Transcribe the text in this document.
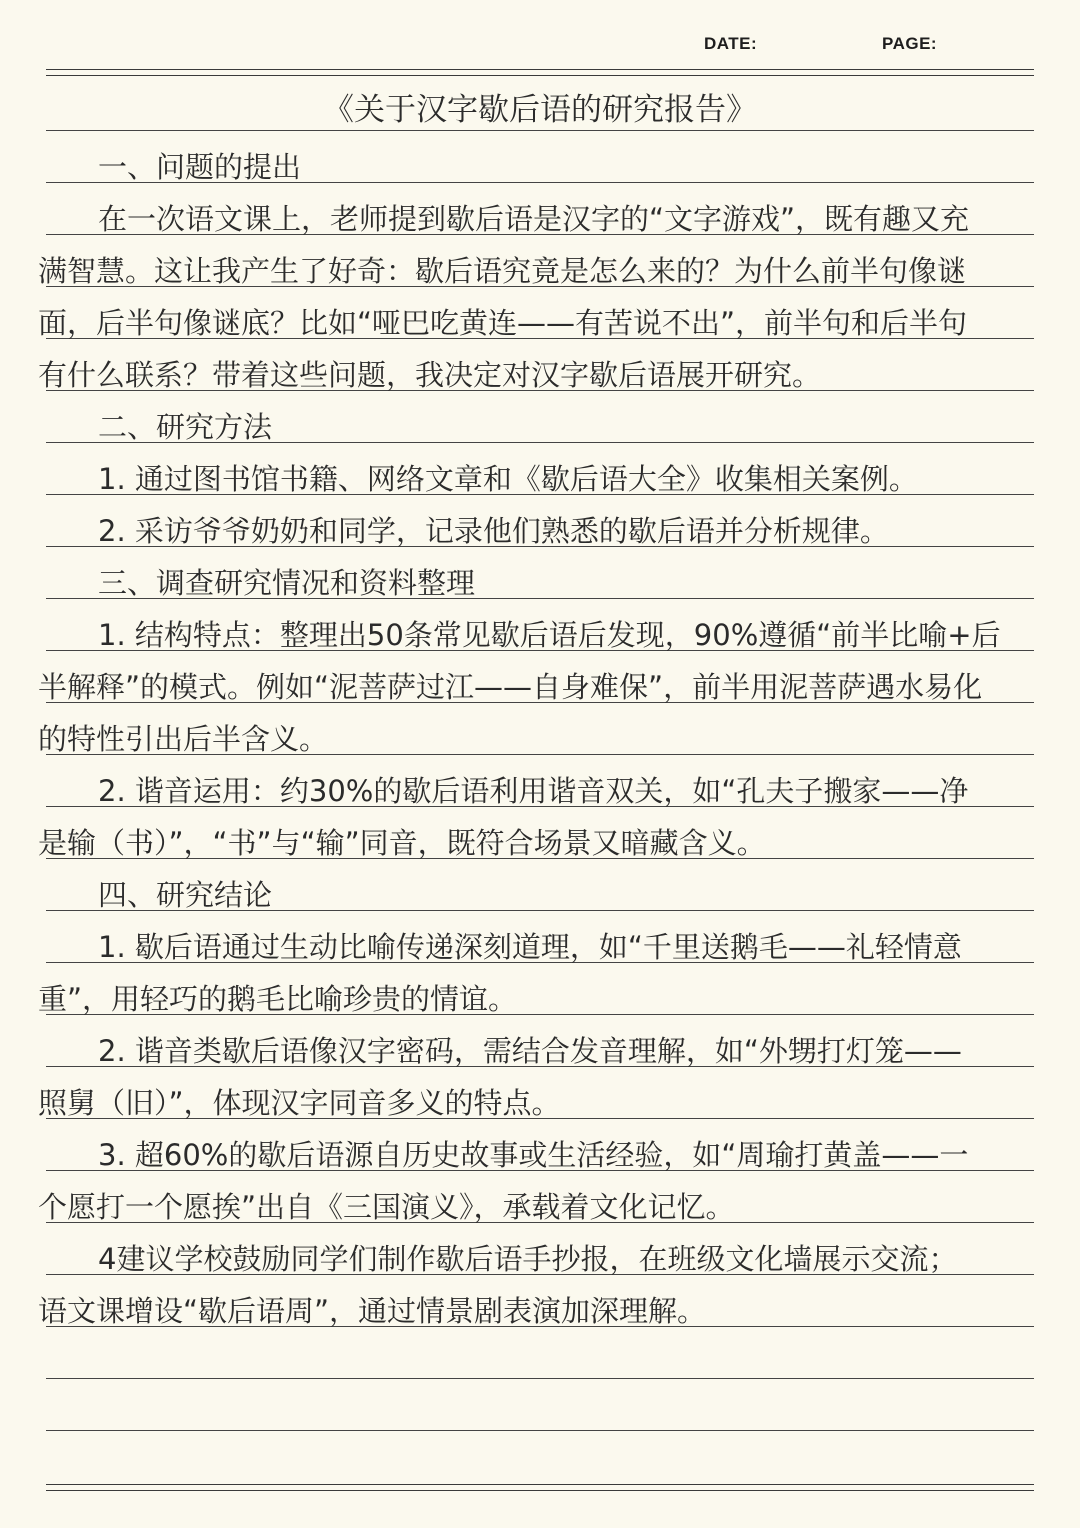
DATE:	PAGE:
《关于汉字歇后语的研究报告》
一、问题的提出
在一次语文课上，老师提到歇后语是汉字的“文字游戏”，既有趣又充
满智慧。这让我产生了好奇：歇后语究竟是怎么来的？为什么前半句像谜
面，后半句像谜底？比如“哑巴吃黄连——有苦说不出”，前半句和后半句
有什么联系？带着这些问题，我决定对汉字歇后语展开研究。
二、研究方法
1. 通过图书馆书籍、网络文章和《歇后语大全》收集相关案例。
2. 采访爷爷奶奶和同学，记录他们熟悉的歇后语并分析规律。
三、调查研究情况和资料整理
1. 结构特点：整理出50条常见歇后语后发现，90%遵循“前半比喻+后
半解释”的模式。例如“泥菩萨过江——自身难保”，前半用泥菩萨遇水易化
的特性引出后半含义。
2. 谐音运用：约30%的歇后语利用谐音双关，如“孔夫子搬家——净
是输（书）”，“书”与“输”同音，既符合场景又暗藏含义。
四、研究结论
1. 歇后语通过生动比喻传递深刻道理，如“千里送鹅毛——礼轻情意
重”，用轻巧的鹅毛比喻珍贵的情谊。
2. 谐音类歇后语像汉字密码，需结合发音理解，如“外甥打灯笼——
照舅（旧）”，体现汉字同音多义的特点。
3. 超60%的歇后语源自历史故事或生活经验，如“周瑜打黄盖——一
个愿打一个愿挨”出自《三国演义》，承载着文化记忆。
4建议学校鼓励同学们制作歇后语手抄报，在班级文化墙展示交流；
语文课增设“歇后语周”，通过情景剧表演加深理解。
